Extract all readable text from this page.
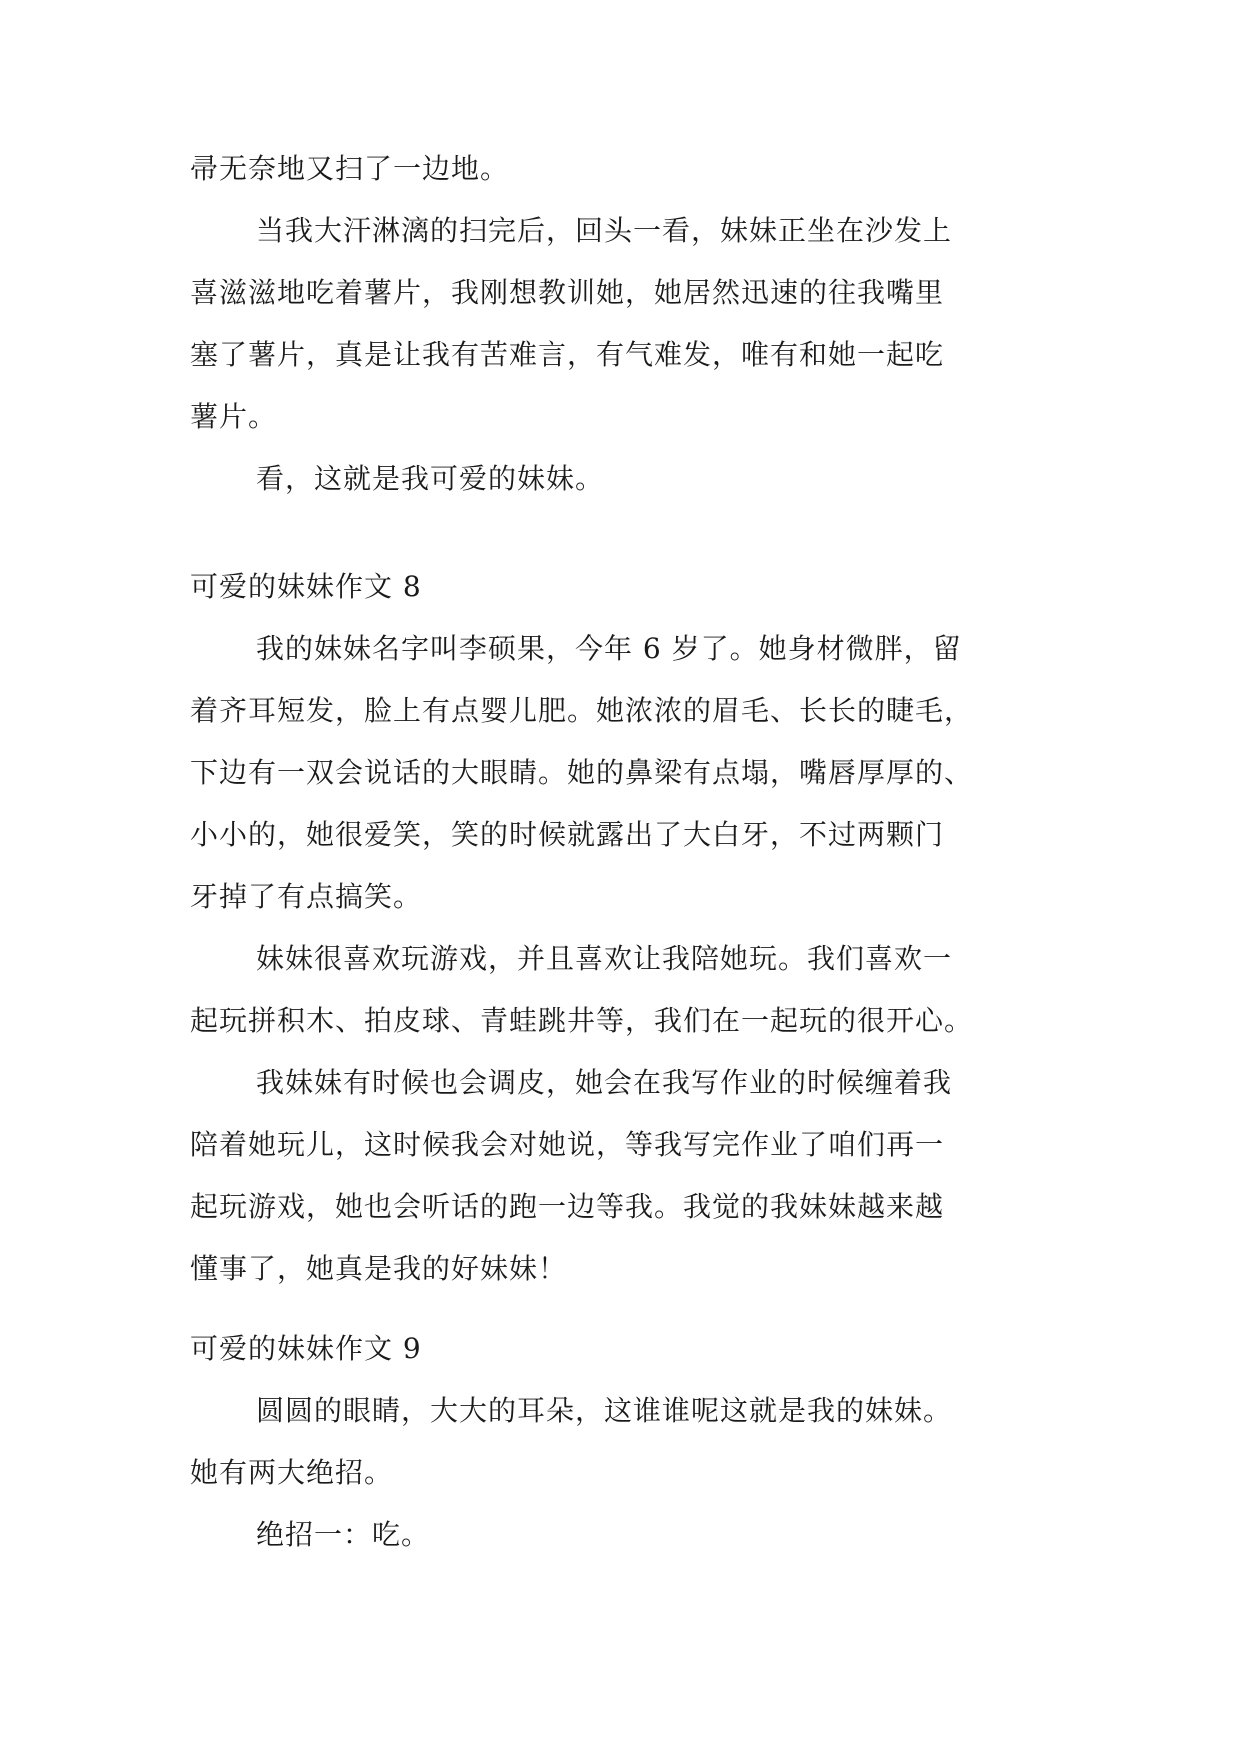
帚无奈地又扫了一边地。
当我大汗淋漓的扫完后，回头一看，妹妹正坐在沙发上
喜滋滋地吃着薯片，我刚想教训她，她居然迅速的往我嘴里
塞了薯片，真是让我有苦难言，有气难发，唯有和她一起吃
薯片。
看，这就是我可爱的妹妹。
可爱的妹妹作文 8
我的妹妹名字叫李硕果，今年 6 岁了。她身材微胖，留
着齐耳短发，脸上有点婴儿肥。她浓浓的眉毛、长长的睫毛，
下边有一双会说话的大眼睛。她的鼻梁有点塌，嘴唇厚厚的、
小小的，她很爱笑，笑的时候就露出了大白牙，不过两颗门
牙掉了有点搞笑。
妹妹很喜欢玩游戏，并且喜欢让我陪她玩。我们喜欢一
起玩拼积木、拍皮球、青蛙跳井等，我们在一起玩的很开心。
我妹妹有时候也会调皮，她会在我写作业的时候缠着我
陪着她玩儿，这时候我会对她说，等我写完作业了咱们再一
起玩游戏，她也会听话的跑一边等我。我觉的我妹妹越来越
懂事了，她真是我的好妹妹！
可爱的妹妹作文 9
圆圆的眼睛，大大的耳朵，这谁谁呢这就是我的妹妹。
她有两大绝招。
绝招一：吃。
